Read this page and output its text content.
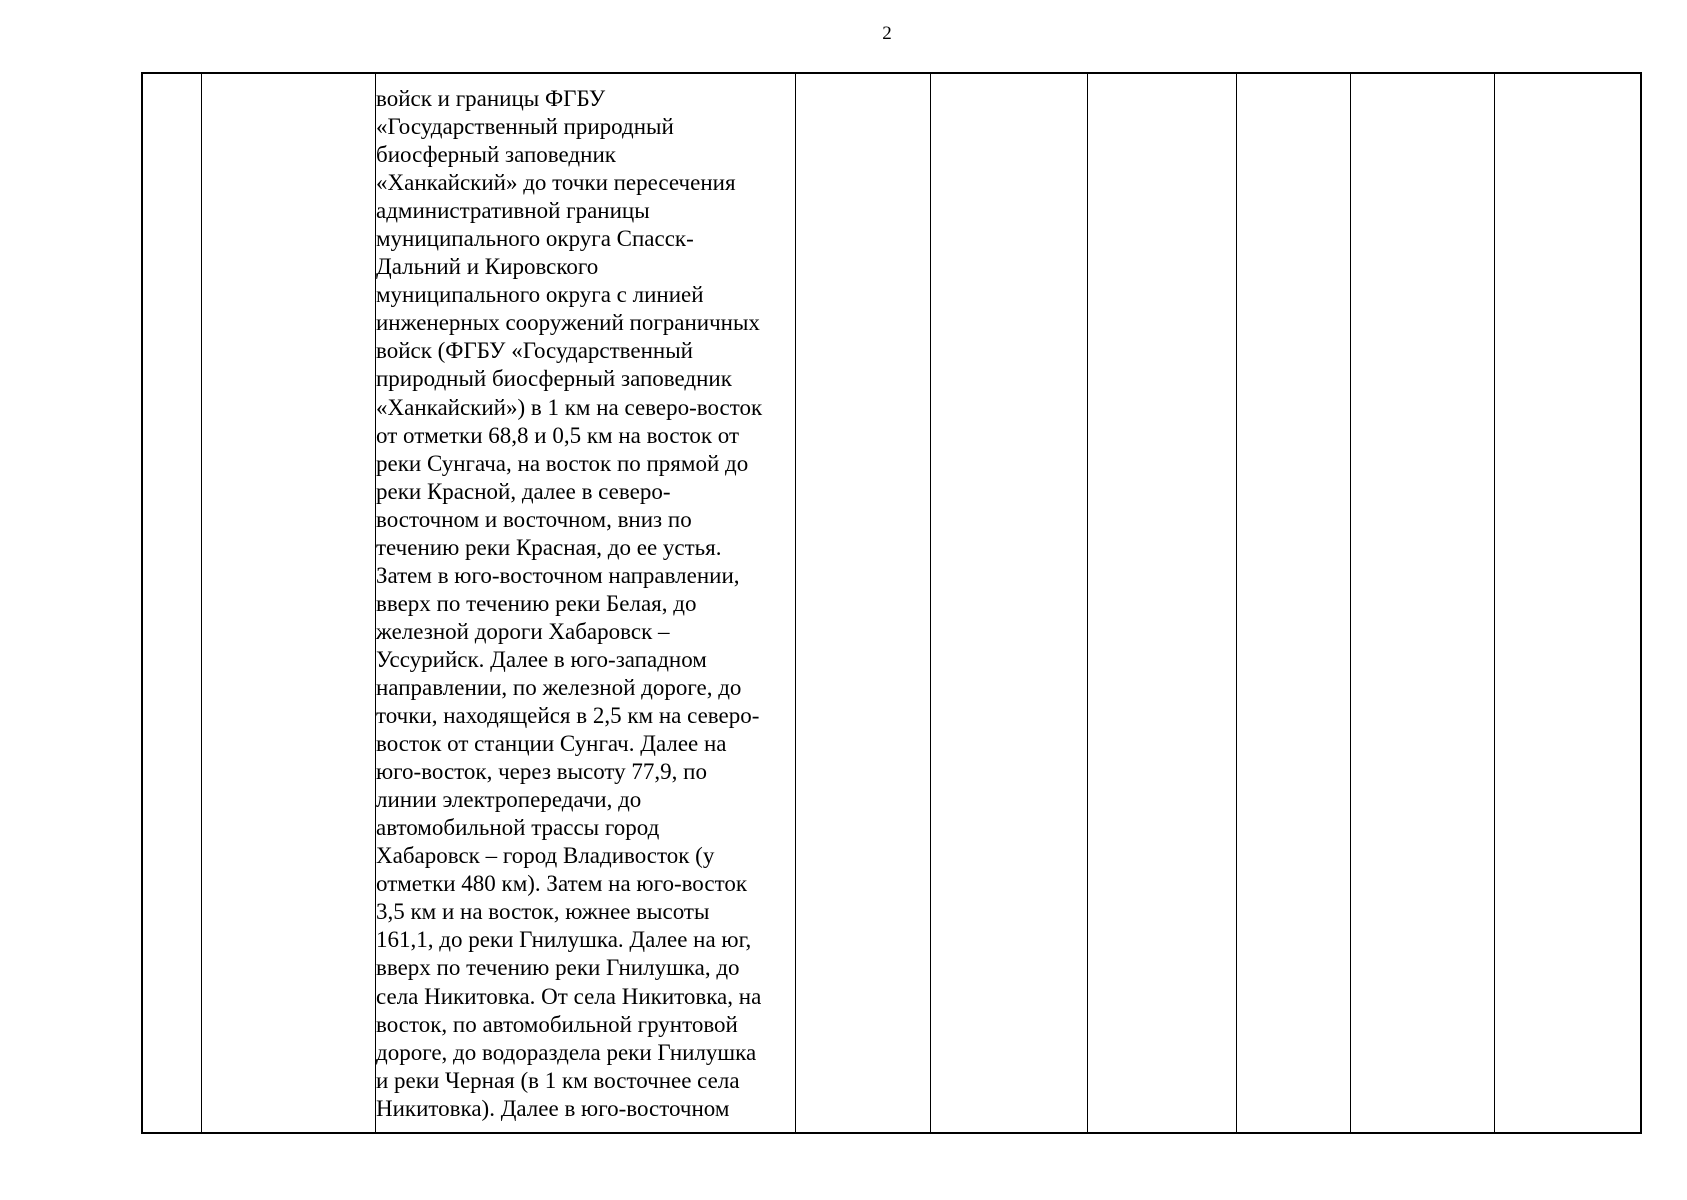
2
войск и границы ФГБУ
«Государственный природный
биосферный заповедник
«Ханкайский» до точки пересечения
административной границы
муниципального округа Спасск-
Дальний и Кировского
муниципального округа с линией
инженерных сооружений пограничных
войск (ФГБУ «Государственный
природный биосферный заповедник
«Ханкайский») в 1 км на северо-восток
от отметки 68,8 и 0,5 км на восток от
реки Сунгача, на восток по прямой до
реки Красной, далее в северо-
восточном и восточном, вниз по
течению реки Красная, до ее устья.
Затем в юго-восточном направлении,
вверх по течению реки Белая, до
железной дороги Хабаровск –
Уссурийск. Далее в юго-западном
направлении, по железной дороге, до
точки, находящейся в 2,5 км на северо-
восток от станции Сунгач. Далее на
юго-восток, через высоту 77,9, по
линии электропередачи, до
автомобильной трассы город
Хабаровск – город Владивосток (у
отметки 480 км). Затем на юго-восток
3,5 км и на восток, южнее высоты
161,1, до реки Гнилушка. Далее на юг,
вверх по течению реки Гнилушка, до
села Никитовка. От села Никитовка, на
восток, по автомобильной грунтовой
дороге, до водораздела реки Гнилушка
и реки Черная (в 1 км восточнее села
Никитовка). Далее в юго-восточном
